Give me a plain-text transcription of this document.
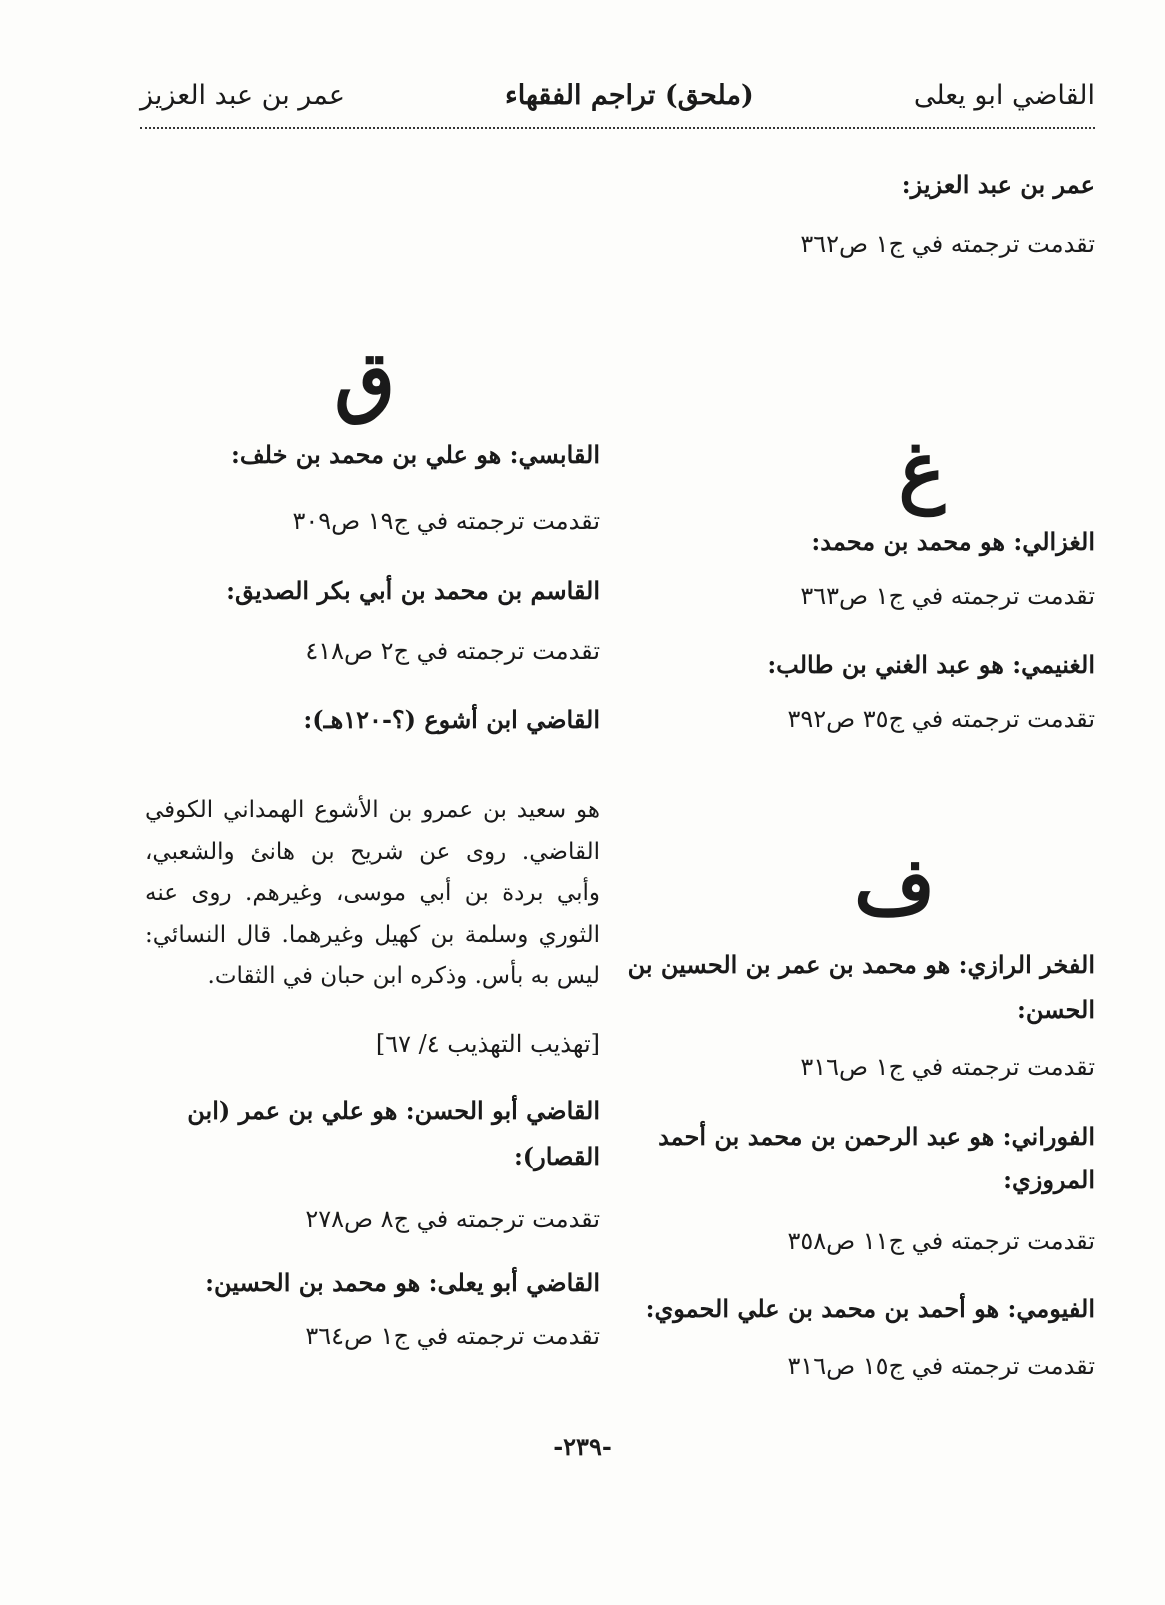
عمر بن عبد العزيز	(ملحق) تراجم الفقهاء	القاضي ابو يعلى
عمر بن عبد العزيز:
تقدمت ترجمته في ج١ ص٣٦٢
غ
الغزالي: هو محمد بن محمد:
تقدمت ترجمته في ج١ ص٣٦٣
الغنيمي: هو عبد الغني بن طالب:
تقدمت ترجمته في ج٣٥ ص٣٩٢
ف
الفخر الرازي: هو محمد بن عمر بن الحسين بن
الحسن:
تقدمت ترجمته في ج١ ص٣١٦
الفوراني: هو عبد الرحمن بن محمد بن أحمد
المروزي:
تقدمت ترجمته في ج١١ ص٣٥٨
الفيومي: هو أحمد بن محمد بن علي الحموي:
تقدمت ترجمته في ج١٥ ص٣١٦
ق
القابسي: هو علي بن محمد بن خلف:
تقدمت ترجمته في ج١٩ ص٣٠٩
القاسم بن محمد بن أبي بكر الصديق:
تقدمت ترجمته في ج٢ ص٤١٨
القاضي ابن أشوع (؟-١٢٠هـ):
هو سعيد بن عمرو بن الأشوع الهمداني الكوفي القاضي. روى عن شريح بن هانئ والشعبي، وأبي بردة بن أبي موسى، وغيرهم. روى عنه الثوري وسلمة بن كهيل وغيرهما. قال النسائي: ليس به بأس. وذكره ابن حبان في الثقات.
[تهذيب التهذيب ٤/ ٦٧]
القاضي أبو الحسن: هو علي بن عمر (ابن
القصار):
تقدمت ترجمته في ج٨ ص٢٧٨
القاضي أبو يعلى: هو محمد بن الحسين:
تقدمت ترجمته في ج١ ص٣٦٤
-٢٣٩-
